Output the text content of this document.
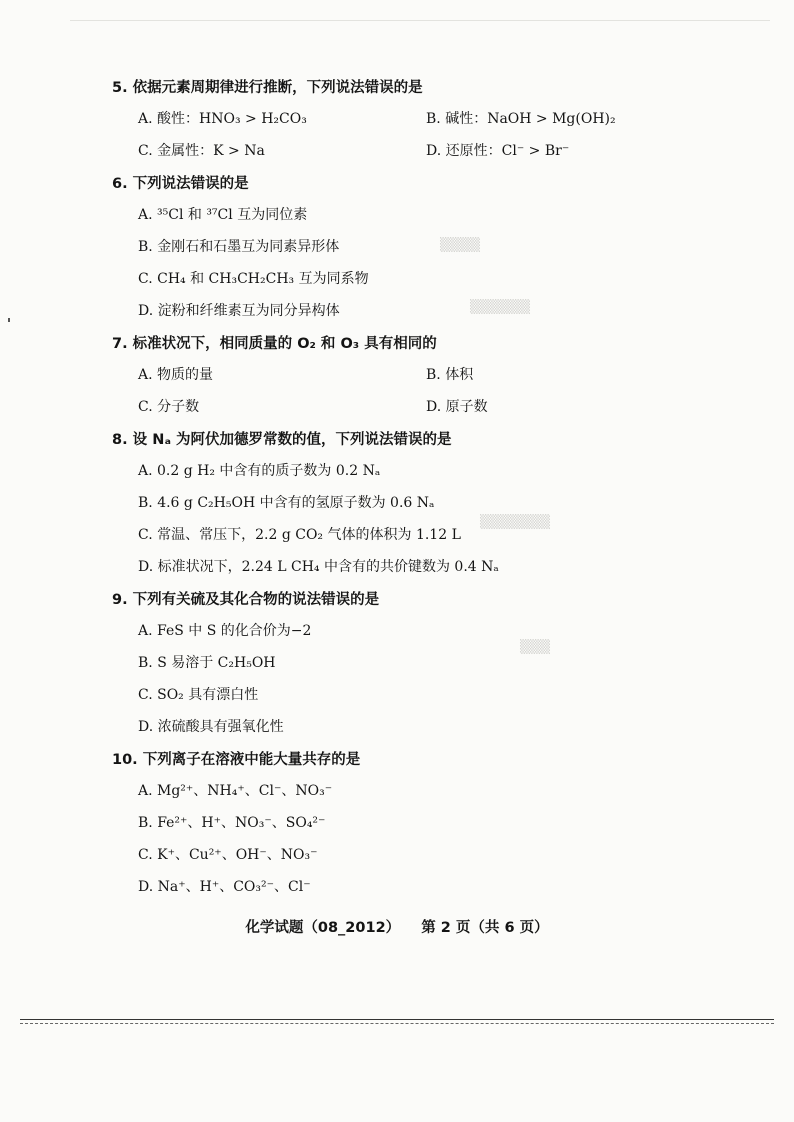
▒▒▒▒
▒▒▒▒▒▒
▒▒▒▒▒▒▒
▒▒▒
5. 依据元素周期律进行推断，下列说法错误的是
A. 酸性：HNO₃ > H₂CO₃	B. 碱性：NaOH > Mg(OH)₂
C. 金属性：K > Na	D. 还原性：Cl⁻ > Br⁻
6. 下列说法错误的是
A. ³⁵Cl 和 ³⁷Cl 互为同位素
B. 金刚石和石墨互为同素异形体
C. CH₄ 和 CH₃CH₂CH₃ 互为同系物
D. 淀粉和纤维素互为同分异构体
7. 标准状况下，相同质量的 O₂ 和 O₃ 具有相同的
A. 物质的量	B. 体积
C. 分子数	D. 原子数
8. 设 Nₐ 为阿伏加德罗常数的值，下列说法错误的是
A. 0.2 g H₂ 中含有的质子数为 0.2 Nₐ
B. 4.6 g C₂H₅OH 中含有的氢原子数为 0.6 Nₐ
C. 常温、常压下，2.2 g CO₂ 气体的体积为 1.12 L
D. 标准状况下，2.24 L CH₄ 中含有的共价键数为 0.4 Nₐ
9. 下列有关硫及其化合物的说法错误的是
A. FeS 中 S 的化合价为−2
B. S 易溶于 C₂H₅OH
C. SO₂ 具有漂白性
D. 浓硫酸具有强氧化性
10. 下列离子在溶液中能大量共存的是
A. Mg²⁺、NH₄⁺、Cl⁻、NO₃⁻
B. Fe²⁺、H⁺、NO₃⁻、SO₄²⁻
C. K⁺、Cu²⁺、OH⁻、NO₃⁻
D. Na⁺、H⁺、CO₃²⁻、Cl⁻
化学试题（08_2012） 第 2 页（共 6 页）
